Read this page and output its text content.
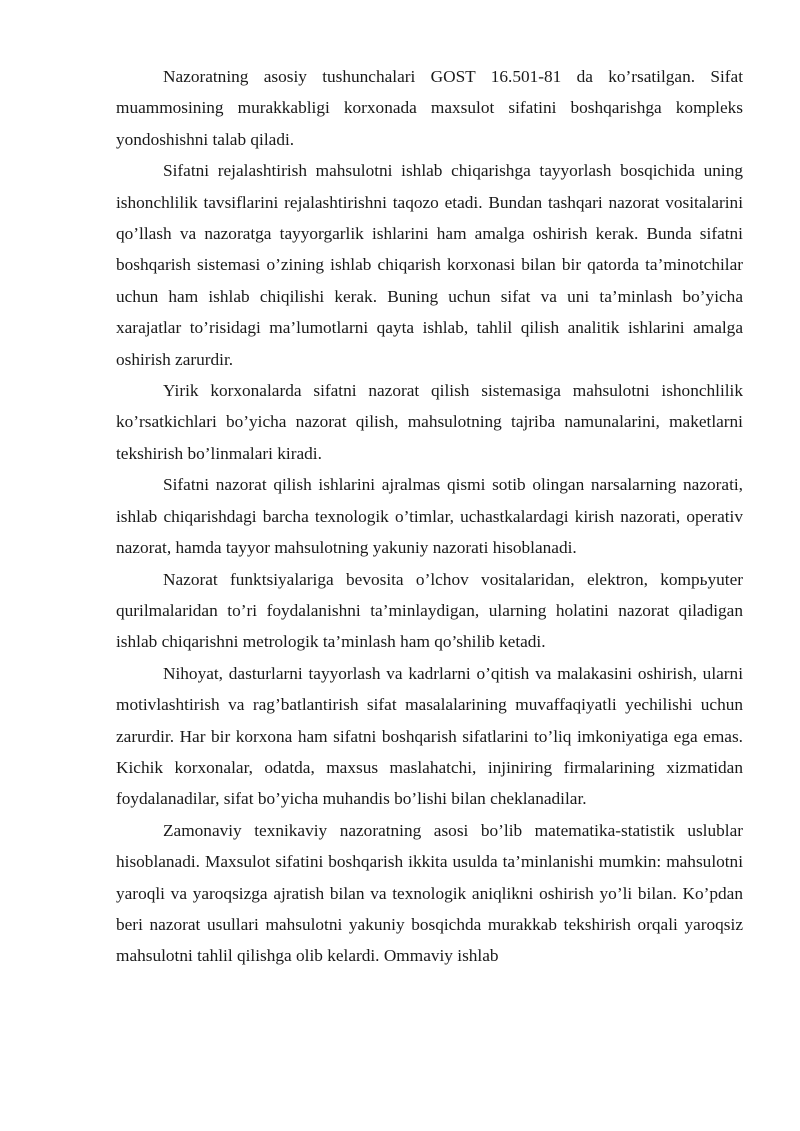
Nazoratning asosiy tushunchalari GOST 16.501-81 da ko’rsatilgan. Sifat muammosining murakkabligi korxonada maxsulot sifatini boshqarishga kompleks yondoshishni talab qiladi.

Sifatni rejalashtirish mahsulotni ishlab chiqarishga tayyorlash bosqichida uning ishonchlilik tavsiflarini rejalashtirishni taqozo etadi. Bundan tashqari nazorat vositalarini qo’llash va nazoratga tayyorgarlik ishlarini ham amalga oshirish kerak. Bunda sifatni boshqarish sistemasi o’zining ishlab chiqarish korxonasi bilan bir qatorda ta’minotchilar uchun ham ishlab chiqilishi kerak. Buning uchun sifat va uni ta’minlash bo’yicha xarajatlar to’risidagi ma’lumotlarni qayta ishlab, tahlil qilish analitik ishlarini amalga oshirish zarurdir.

Yirik korxonalarda sifatni nazorat qilish sistemasiga mahsulotni ishonchlilik ko’rsatkichlari bo’yicha nazorat qilish, mahsulotning tajriba namunalarini, maketlarni tekshirish bo’linmalari kiradi.

Sifatni nazorat qilish ishlarini ajralmas qismi sotib olingan narsalarning nazorati, ishlab chiqarishdagi barcha texnologik o’timlar, uchastkalardagi kirish nazorati, operativ nazorat, hamda tayyor mahsulotning yakuniy nazorati hisoblanadi.

Nazorat funktsiyalariga bevosita o’lchov vositalaridan, elektron, kompьyuter qurilmalaridan to’ri foydalanishni ta’minlaydigan, ularning holatini nazorat qiladigan ishlab chiqarishni metrologik ta’minlash ham qo’shilib ketadi.

Nihoyat, dasturlarni tayyorlash va kadrlarni o’qitish va malakasini oshirish, ularni motivlashtirish va rag’batlantirish sifat masalalarining muvaffaqiyatli yechilishi uchun zarurdir. Har bir korxona ham sifatni boshqarish sifatlarini to’liq imkoniyatiga ega emas. Kichik korxonalar, odatda, maxsus maslahatchi, injiniring firmalarining xizmatidan foydalanadilar, sifat bo’yicha muhandis bo’lishi bilan cheklanadilar.

Zamonaviy texnikaviy nazoratning asosi bo’lib matematika-statistik uslublar hisoblanadi. Maxsulot sifatini boshqarish ikkita usulda ta’minlanishi mumkin: mahsulotni yaroqli va yaroqsizga ajratish bilan va texnologik aniqlikni oshirish yo’li bilan. Ko’pdan beri nazorat usullari mahsulotni yakuniy bosqichda murakkab tekshirish orqali yaroqsiz mahsulotni tahlil qilishga olib kelardi. Ommaviy ishlab
